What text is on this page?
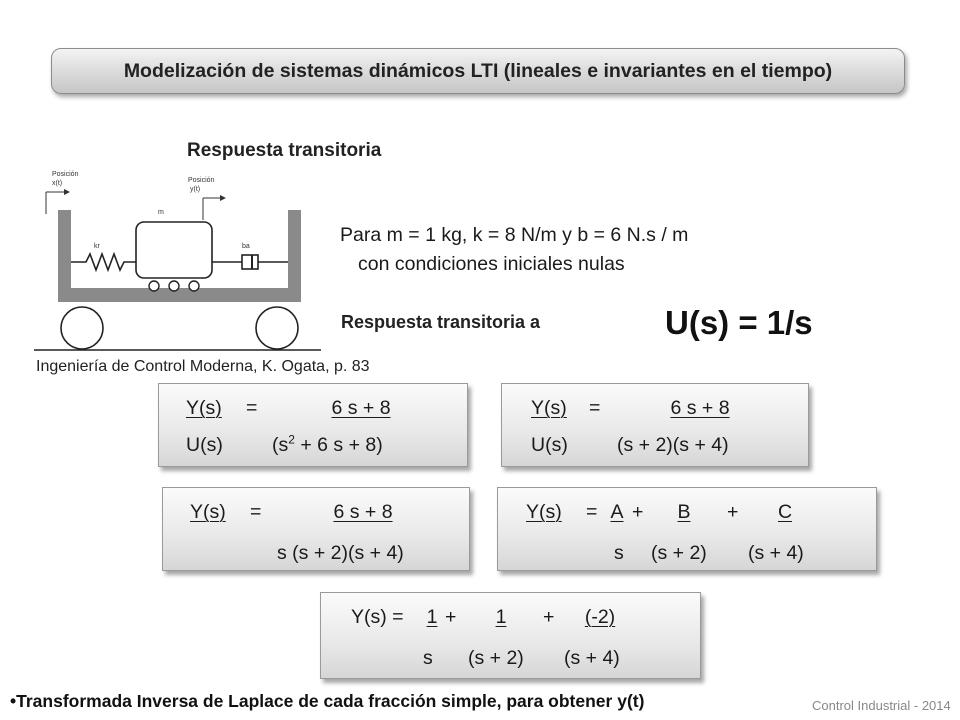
Modelización de sistemas dinámicos LTI (lineales e invariantes en el tiempo)
Respuesta transitoria
Posición
x(t)	Posición
y(t)
m
kr	ba
Ingeniería de Control Moderna, K. Ogata, p. 83
Para m = 1 kg, k = 8 N/m y b = 6 N.s / m
con condiciones iniciales nulas
Respuesta transitoria a	U(s) = 1/s
Y(s) =	6 s + 8
U(s)	($s^2 + 6$ s + 8)
Y(s) =	6 s + 8
U(s)	(s + 2)(s + 4)
Y(s) =	6 s + 8
s (s + 2)(s + 4)
Y(s) = A +	B	+	C
s (s + 2) (s + 4)
Y(s) = 1 +	1	+	(-2)
s (s + 2) (s + 4)
•Transformada Inversa de Laplace de cada fracción simple, para obtener y(t)	Control Industrial - 2014
